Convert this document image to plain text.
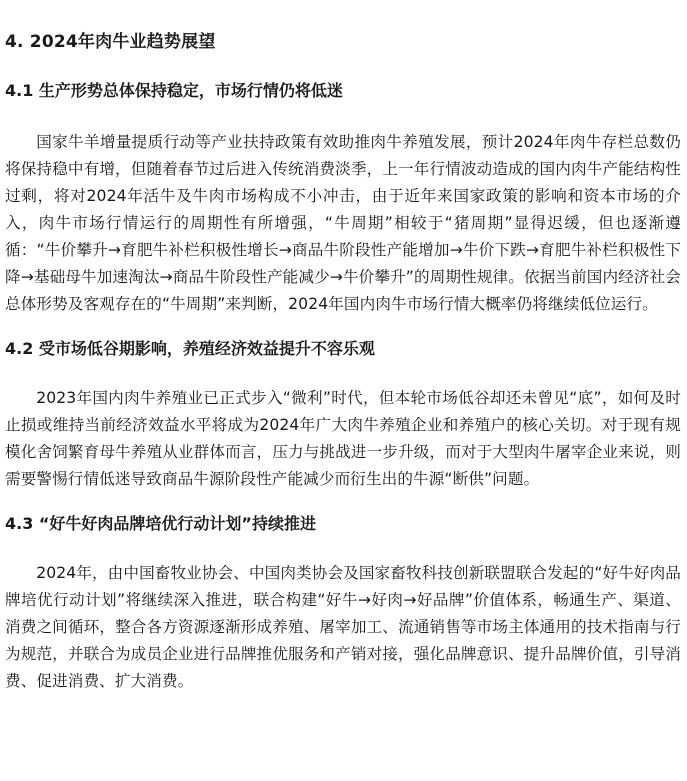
4. 2024年肉牛业趋势展望
4.1 生产形势总体保持稳定，市场行情仍将低迷

国家牛羊增量提质行动等产业扶持政策有效助推肉牛养殖发展，预计2024年肉牛存栏总数仍将保持稳中有增，但随着春节过后进入传统消费淡季，上一年行情波动造成的国内肉牛产能结构性过剩，将对2024年活牛及牛肉市场构成不小冲击，由于近年来国家政策的影响和资本市场的介入，肉牛市场行情运行的周期性有所增强，“牛周期”相较于“猪周期”显得迟缓，但也逐渐遵循：“牛价攀升→育肥牛补栏积极性增长→商品牛阶段性产能增加→牛价下跌→育肥牛补栏积极性下降→基础母牛加速淘汰→商品牛阶段性产能减少→牛价攀升”的周期性规律。依据当前国内经济社会总体形势及客观存在的“牛周期”来判断，2024年国内肉牛市场行情大概率仍将继续低位运行。

4.2 受市场低谷期影响，养殖经济效益提升不容乐观

2023年国内肉牛养殖业已正式步入“微利”时代，但本轮市场低谷却还未曾见“底”，如何及时止损或维持当前经济效益水平将成为2024年广大肉牛养殖企业和养殖户的核心关切。对于现有规模化舍饲繁育母牛养殖从业群体而言，压力与挑战进一步升级，而对于大型肉牛屠宰企业来说，则需要警惕行情低迷导致商品牛源阶段性产能减少而衍生出的牛源“断供”问题。

4.3 “好牛好肉品牌培优行动计划”持续推进

2024年，由中国畜牧业协会、中国肉类协会及国家畜牧科技创新联盟联合发起的“好牛好肉品牌培优行动计划”将继续深入推进，联合构建“好牛→好肉→好品牌”价值体系，畅通生产、渠道、消费之间循环，整合各方资源逐渐形成养殖、屠宰加工、流通销售等市场主体通用的技术指南与行为规范，并联合为成员企业进行品牌推优服务和产销对接，强化品牌意识、提升品牌价值，引导消费、促进消费、扩大消费。
